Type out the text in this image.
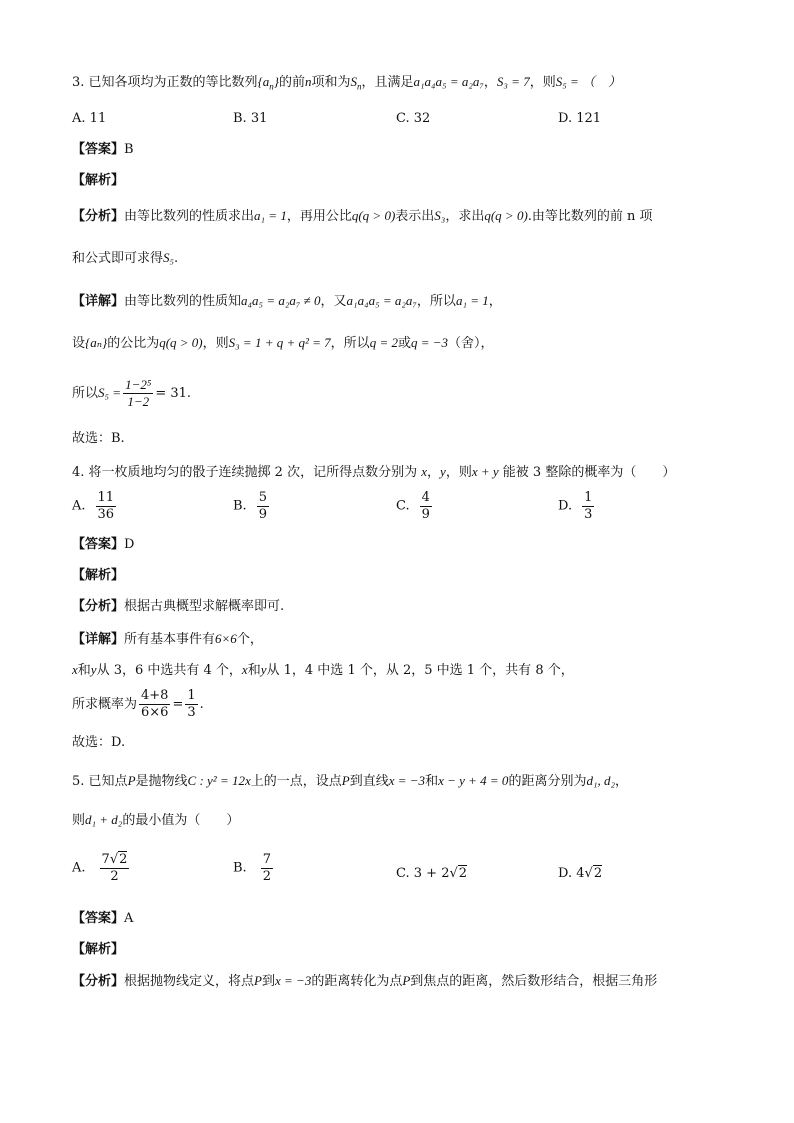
3. 已知各项均为正数的等比数列$\{a_n\}$的前n项和为$S_n$，且满足a₁a₄a₅ = a₂a₇，S₃ = 7，则S₅ = （　）
A. 11	B. 31	C. 32	D. 121
【答案】B
【解析】
【分析】由等比数列的性质求出a₁ = 1，再用公比q(q > 0)表示出S₃，求出q(q > 0).由等比数列的前 n 项
和公式即可求得S₅.
【详解】由等比数列的性质知a₄a₅ = a₂a₇ ≠ 0，又a₁a₄a₅ = a₂a₇，所以a₁ = 1，
设{aₙ}的公比为q(q > 0)，则S₃ = 1 + q + q² = 7，所以q = 2或q = −3（舍），
所以$S_5 = \frac{\text{1−2⁵}}{1-2} = 31$.
故选：B.
4. 将一枚质地均匀的骰子连续抛掷 2 次，记所得点数分别为 x，y，则x + y 能被 3 整除的概率为（　　）
A. $\frac{11}{36}$	B. $\frac{5}{9}$	C. $\frac{4}{9}$	D. $\frac{1}{3}$
【答案】D
【解析】
【分析】根据古典概型求解概率即可.
【详解】所有基本事件有6×6个，
x和y从 3，6 中选共有 4 个，x和y从 1，4 中选 1 个，从 2，5 中选 1 个，共有 8 个，
所求概率为 $\frac{4+8}{6\times 6} = \frac{1}{3}$ .
故选：D.
5. 已知点P是抛物线C : y² = 12x上的一点，设点P到直线x = −3和x − y + 4 = 0的距离分别为d₁, d₂，
则d₁ + d₂的最小值为（　　）
A. $\frac{7√2}{2}$	B. $\frac{7}{2}$	C. 3 + 2√2	D. 4√2
【答案】A
【解析】
【分析】根据抛物线定义，将点P到x = −3的距离转化为点P到焦点的距离，然后数形结合，根据三角形
